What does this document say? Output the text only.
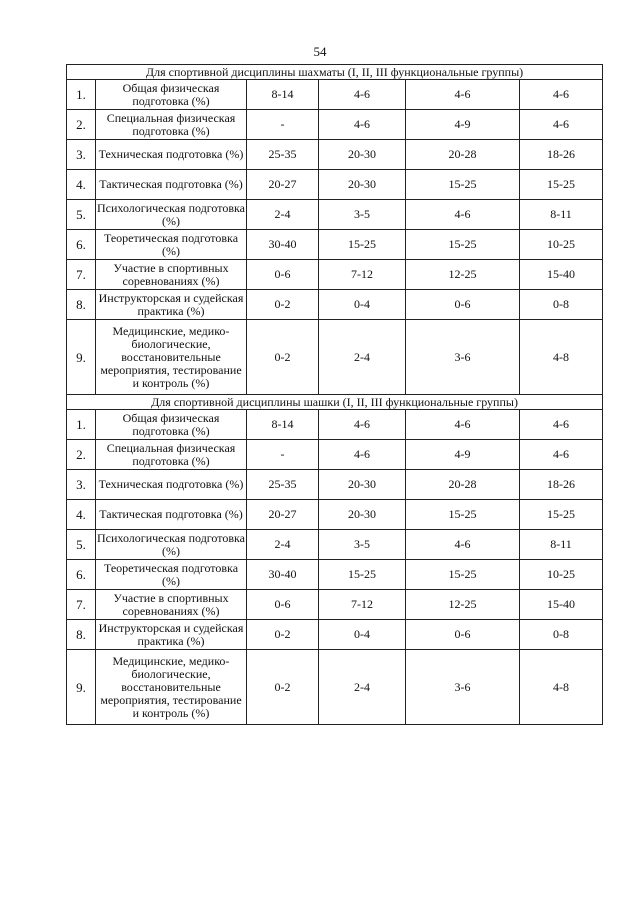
54
Для спортивной дисциплины шахматы (I, II, III функциональные группы)					
1.	Общая физическая подготовка (%)	8-14	4-6	4-6	4-6
2.	Специальная физическая подготовка (%)	-	4-6	4-9	4-6
3.	Техническая подготовка (%)	25-35	20-30	20-28	18-26
4.	Тактическая подготовка (%)	20-27	20-30	15-25	15-25
5.	Психологическая подготовка (%)	2-4	3-5	4-6	8-11
6.	Теоретическая подготовка (%)	30-40	15-25	15-25	10-25
7.	Участие в спортивных соревнованиях (%)	0-6	7-12	12-25	15-40
8.	Инструкторская и судейская практика (%)	0-2	0-4	0-6	0-8
9.	Медицинские, медико-биологические, восстановительные мероприятия, тестирование и контроль (%)	0-2	2-4	3-6	4-8
Для спортивной дисциплины шашки (I, II, III функциональные группы)					
1.	Общая физическая подготовка (%)	8-14	4-6	4-6	4-6
2.	Специальная физическая подготовка (%)	-	4-6	4-9	4-6
3.	Техническая подготовка (%)	25-35	20-30	20-28	18-26
4.	Тактическая подготовка (%)	20-27	20-30	15-25	15-25
5.	Психологическая подготовка (%)	2-4	3-5	4-6	8-11
6.	Теоретическая подготовка (%)	30-40	15-25	15-25	10-25
7.	Участие в спортивных соревнованиях (%)	0-6	7-12	12-25	15-40
8.	Инструкторская и судейская практика (%)	0-2	0-4	0-6	0-8
9.	Медицинские, медико-биологические, восстановительные мероприятия, тестирование и контроль (%)	0-2	2-4	3-6	4-8
